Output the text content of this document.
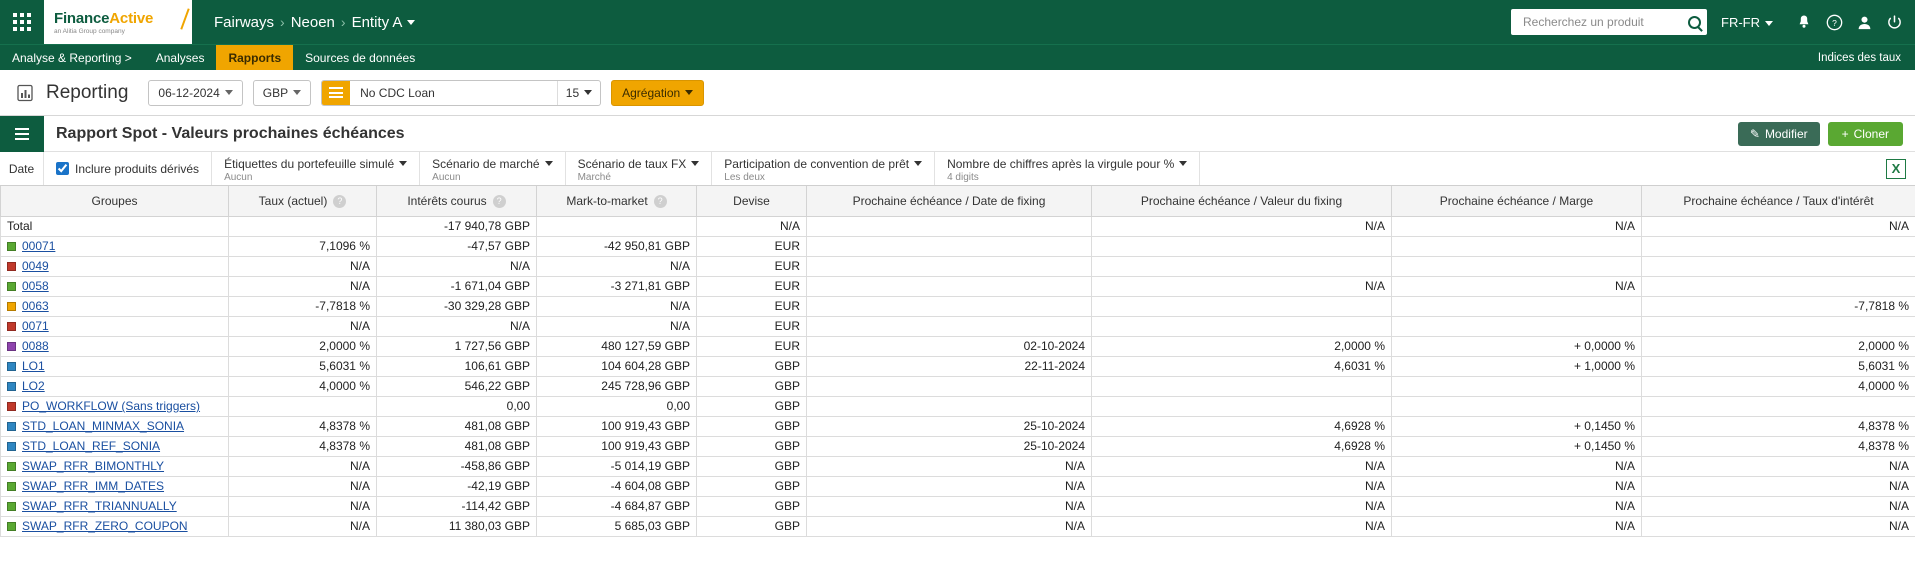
FinanceActive
an Alitia Group company
Fairways › Neoen › Entity A
Recherchez un produit	FR-FR	?
Analyse & Reporting >	Analyses	Rapports	Sources de données	Indices des taux
Reporting	06-12-2024	GBP	No CDC Loan	15	Agrégation
Rapport Spot - Valeurs prochaines échéances	✎ Modifier	+ Cloner
Date	Inclure produits dérivés Étiquettes du portefeuille simulé
Aucun
Scénario de marché
Aucun
Scénario de taux FX
Marché
Participation de convention de prêt
Les deux
Nombre de chiffres après la virgule pour %
4 digits
X
Groupes	Taux (actuel) ?	Intérêts courus ?	Mark-to-market ?	Devise	Prochaine échéance / Date de fixing	Prochaine échéance / Valeur du fixing	Prochaine échéance / Marge	Prochaine échéance / Taux d'intérêt
Total		-17 940,78 GBP		N/A		N/A	N/A	N/A
00071	7,1096 %	-47,57 GBP	-42 950,81 GBP	EUR				
0049	N/A	N/A	N/A	EUR				
0058	N/A	-1 671,04 GBP	-3 271,81 GBP	EUR		N/A	N/A	
0063	-7,7818 %	-30 329,28 GBP	N/A	EUR				-7,7818 %
0071	N/A	N/A	N/A	EUR				
0088	2,0000 %	1 727,56 GBP	480 127,59 GBP	EUR	02-10-2024	2,0000 %	+ 0,0000 %	2,0000 %
LO1	5,6031 %	106,61 GBP	104 604,28 GBP	GBP	22-11-2024	4,6031 %	+ 1,0000 %	5,6031 %
LO2	4,0000 %	546,22 GBP	245 728,96 GBP	GBP				4,0000 %
PO_WORKFLOW (Sans triggers)		0,00	0,00	GBP				
STD_LOAN_MINMAX_SONIA	4,8378 %	481,08 GBP	100 919,43 GBP	GBP	25-10-2024	4,6928 %	+ 0,1450 %	4,8378 %
STD_LOAN_REF_SONIA	4,8378 %	481,08 GBP	100 919,43 GBP	GBP	25-10-2024	4,6928 %	+ 0,1450 %	4,8378 %
SWAP_RFR_BIMONTHLY	N/A	-458,86 GBP	-5 014,19 GBP	GBP	N/A	N/A	N/A	N/A
SWAP_RFR_IMM_DATES	N/A	-42,19 GBP	-4 604,08 GBP	GBP	N/A	N/A	N/A	N/A
SWAP_RFR_TRIANNUALLY	N/A	-114,42 GBP	-4 684,87 GBP	GBP	N/A	N/A	N/A	N/A
SWAP_RFR_ZERO_COUPON	N/A	11 380,03 GBP	5 685,03 GBP	GBP	N/A	N/A	N/A	N/A
